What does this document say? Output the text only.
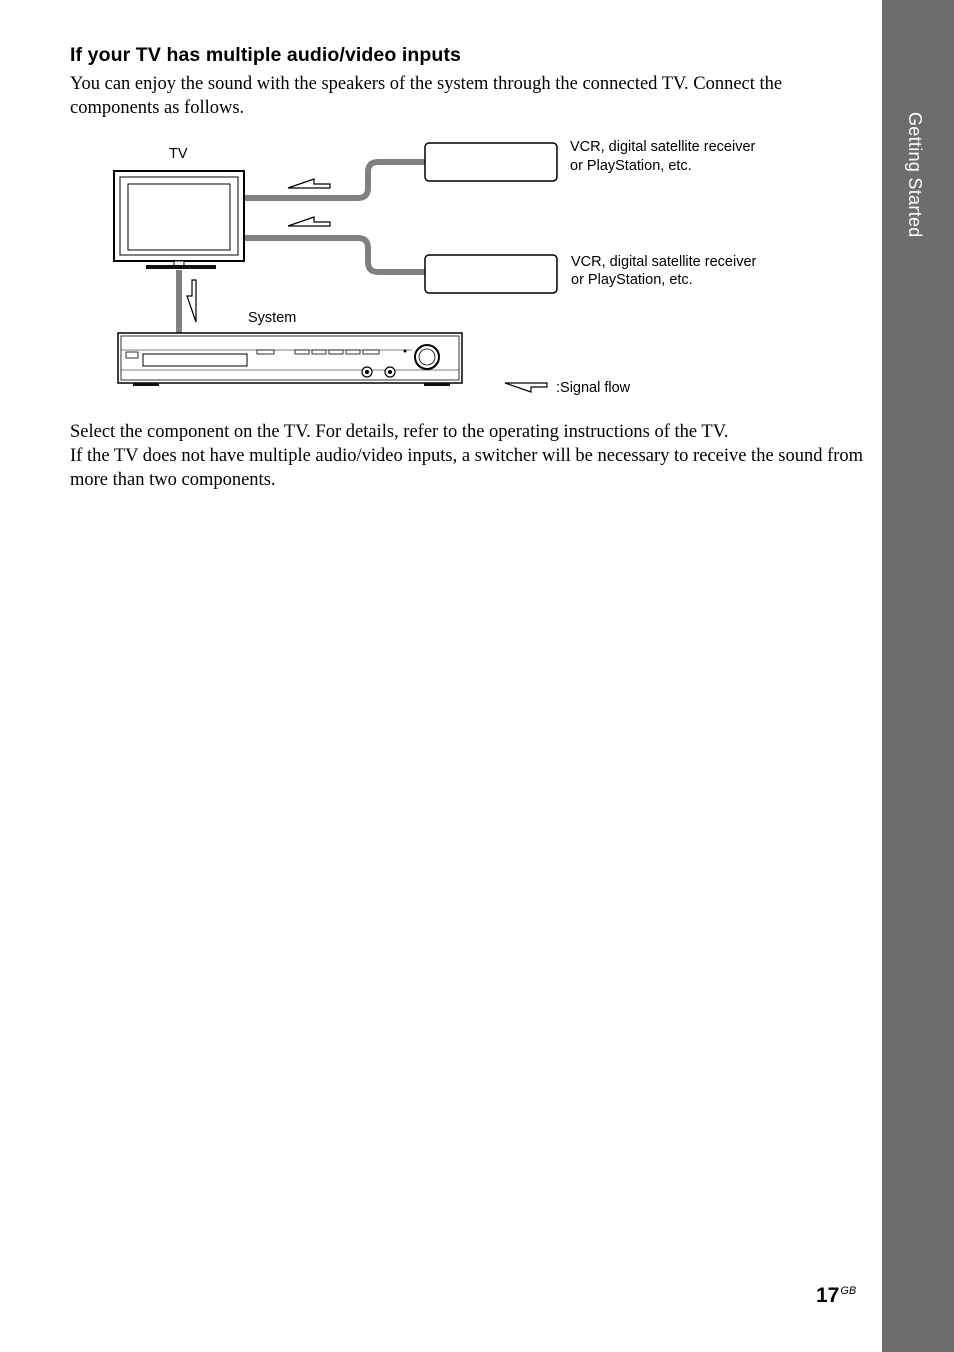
Getting Started
If your TV has multiple audio/video inputs

You can enjoy the sound with the speakers of the system through the connected TV. Connect the components as follows.

TV	VCR, digital satellite receiver
or PlayStation, etc.
VCR, digital satellite receiver
or PlayStation, etc.
System
:Signal flow
Select the component on the TV. For details, refer to the operating instructions of the TV.
If the TV does not have multiple audio/video inputs, a switcher will be necessary to receive the sound from more than two components.
$17^{GB}$
